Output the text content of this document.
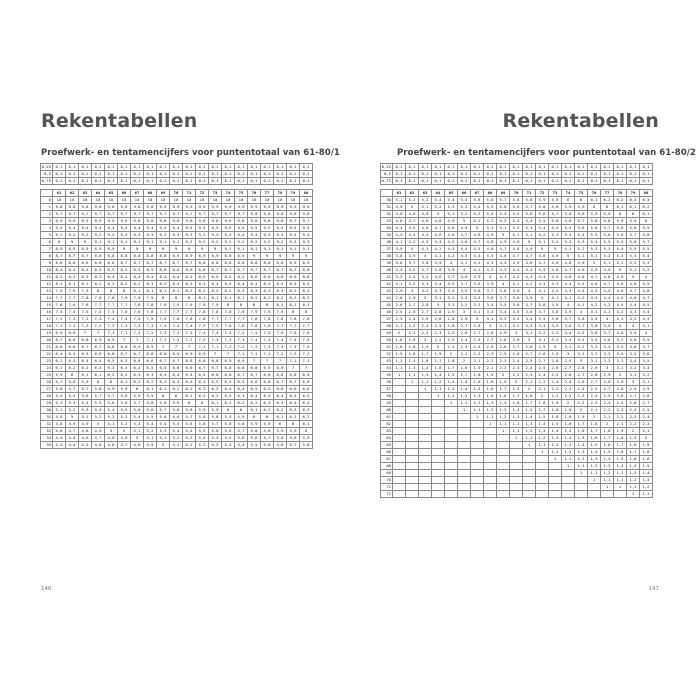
Rekentabellen
Proefwerk- en tentamencijfers voor puntentotaal van 61-80/1
0,25	0,1	0,1	0,1	0,1	0,1	0,1	0,1	0,1	0,1	0,1	0,1	0,1	0,1	0,1	0,1	0,1	0,1	0,1	0,1	0,1
0,5	0,1	0,1	0,1	0,1	0,1	0,1	0,1	0,1	0,1	0,1	0,1	0,1	0,1	0,1	0,1	0,1	0,1	0,1	0,1	0,1
0,75	0,1	0,1	0,1	0,1	0,1	0,1	0,1	0,1	0,1	0,1	0,1	0,1	0,1	0,1	0,1	0,1	0,1	0,1	0,1	0,1

	61	62	63	64	65	66	67	68	69	70	71	72	73	74	75	76	77	78	79	80
0	10	10	10	10	10	10	10	10	10	10	10	10	10	10	10	10	10	10	10	10
1	9,8	9,8	9,8	9,8	9,8	9,8	9,8	9,8	9,9	9,9	9,9	9,9	9,9	9,9	9,9	9,9	9,9	9,9	9,9	9,9
2	9,7	9,7	9,7	9,7	9,7	9,7	9,7	9,7	9,7	9,7	9,7	9,7	9,7	9,7	9,7	9,8	9,8	9,8	9,8	9,8
3	9,5	9,5	9,5	9,5	9,5	9,5	9,6	9,6	9,6	9,6	9,6	9,6	9,6	9,6	9,6	9,6	9,6	9,6	9,7	9,7
4	9,4	9,4	9,4	9,4	9,4	9,4	9,4	9,4	9,4	9,4	9,5	9,5	9,5	9,5	9,5	9,5	9,5	9,5	9,5	9,5
5	9,2	9,2	9,2	9,2	9,2	9,3	9,3	9,3	9,3	9,3	9,3	9,3	9,3	9,3	9,4	9,4	9,4	9,4	9,4	9,4
6	9	9	9	9,1	9,1	9,1	9,1	9,1	9,1	9,1	9,2	9,2	9,2	9,2	9,2	9,2	9,2	9,2	9,3	9,3
7	8,9	8,9	8,9	8,9	8,9	9	9	9	9	9	9	9	9	9,1	9,1	9,1	9,1	9,1	9,1	9,1
8	8,7	8,7	8,7	8,8	8,8	8,8	8,8	8,8	8,8	8,9	8,9	8,9	8,9	8,9	8,9	9	9	9	9	9
9	8,6	8,6	8,6	8,6	8,6	8,7	8,7	8,7	8,7	8,7	8,7	8,8	8,8	8,8	8,8	8,8	8,8	8,8	8,9	8,9
10	8,4	8,4	8,4	8,5	8,5	8,5	8,5	8,5	8,6	8,6	8,6	8,6	8,7	8,7	8,7	8,7	8,7	8,7	8,7	8,8
11	8,2	8,3	8,3	8,3	8,4	8,4	8,4	8,4	8,4	8,4	8,5	8,5	8,5	8,5	8,5	8,6	8,6	8,6	8,6	8,6
12	8,1	8,1	8,1	8,2	8,2	8,2	8,2	8,3	8,3	8,3	8,3	8,3	8,4	8,4	8,4	8,4	8,4	8,5	8,5	8,5
13	7,9	7,9	7,9	8	8	8	8,1	8,1	8,1	8,1	8,2	8,2	8,2	8,2	8,3	8,3	8,3	8,3	8,3	8,4
14	7,7	7,7	7,8	7,8	7,8	7,9	7,9	7,9	8	8	8	8,1	8,1	8,1	8,1	8,2	8,2	8,2	8,2	8,2
15	7,6	7,6	7,6	7,7	7,7	7,7	7,8	7,8	7,8	7,9	7,9	7,9	7,9	8	8	8	8	8,1	8,1	8,1
16	7,4	7,5	7,5	7,5	7,5	7,6	7,6	7,6	7,7	7,7	7,7	7,8	7,8	7,8	7,9	7,9	7,9	7,9	8	8
17	7,2	7,3	7,3	7,3	7,4	7,4	7,5	7,5	7,5	7,6	7,6	7,6	7,7	7,7	7,7	7,8	7,8	7,8	7,8	7,8
18	7,1	7,1	7,2	7,2	7,2	7,3	7,3	7,3	7,4	7,4	7,4	7,5	7,5	7,6	7,6	7,6	7,6	7,7	7,7	7,7
19	6,9	6,9	7	7	7,1	7,1	7,2	7,2	7,3	7,3	7,3	7,4	7,4	7,4	7,5	7,5	7,5	7,5	7,6	7,6
20	6,7	6,8	6,8	6,9	6,9	7	7	7,1	7,1	7,2	7,2	7,2	7,3	7,3	7,3	7,4	7,4	7,4	7,4	7,5
21	6,6	6,6	6,7	6,7	6,8	6,8	6,9	6,9	7	7	7	7,1	7,1	7,2	7,2	7,2	7,3	7,3	7,3	7,3
22	6,4	6,5	6,5	6,6	6,6	6,7	6,7	6,8	6,8	6,9	6,9	6,9	7	7	7,1	7,1	7,1	7,2	7,2	7,2
23	6,2	6,3	6,4	6,4	6,5	6,5	6,6	6,6	6,7	6,7	6,8	6,8	6,8	6,9	6,9	7	7	7	7,1	7,1
24	6,1	6,2	6,2	6,3	6,3	6,4	6,4	6,5	6,5	6,6	6,6	6,7	6,7	6,8	6,8	6,8	6,9	6,9	7	7
25	5,9	6	6,1	6,1	6,2	6,2	6,3	6,3	6,4	6,4	6,5	6,5	6,6	6,6	6,7	6,7	6,8	6,8	6,8	6,9
26	5,7	5,8	5,9	6	6	6,1	6,2	6,2	6,3	6,3	6,4	6,4	6,5	6,5	6,5	6,6	6,6	6,7	6,7	6,8
27	5,6	5,7	5,7	5,8	5,9	5,9	6	6,1	6,1	6,2	6,2	6,3	6,3	6,4	6,4	6,5	6,5	6,6	6,6	6,6
28	5,4	5,5	5,6	5,7	5,7	5,8	5,9	5,9	6	6	6,1	6,2	6,2	6,3	6,3	6,4	6,4	6,4	6,5	6,5
29	5,3	5,3	5,4	5,5	5,6	5,6	5,7	5,8	5,8	5,9	6	6	6,1	6,1	6,2	6,2	6,3	6,3	6,4	6,4
30	5,1	5,2	5,3	5,4	5,4	5,5	5,6	5,6	5,7	5,8	5,8	5,9	5,9	6	6	6,1	6,2	6,2	6,3	6,3
31	4,9	5	5,1	5,2	5,3	5,3	5,4	5,5	5,6	5,6	5,7	5,8	5,8	5,9	5,9	6	6	6,1	6,1	6,2
32	4,8	4,9	4,9	5	5,1	5,2	5,3	5,4	5,4	5,5	5,6	5,6	5,7	5,8	5,8	5,9	5,9	6	6	6,1
33	4,6	4,7	4,8	4,9	5	5	5,1	5,2	5,3	5,4	5,4	5,5	5,6	5,6	5,7	5,8	5,8	5,9	5,9	6
34	4,4	4,5	4,6	4,7	4,8	4,9	5	5,1	5,1	5,2	5,3	5,4	5,4	5,5	5,6	5,6	5,7	5,8	5,8	5,9
35	4,3	4,4	4,5	4,6	4,6	4,7	4,8	4,9	5	5,1	5,1	5,2	5,3	5,4	5,4	5,5	5,6	5,6	5,7	5,8
146
Rekentabellen
Proefwerk- en tentamencijfers voor puntentotaal van 61-80/2
0,25	0,1	0,1	0,1	0,1	0,1	0,1	0,1	0,1	0,1	0,1	0,1	0,1	0,1	0,1	0,1	0,1	0,1	0,1	0,1	0,1
0,5	0,1	0,1	0,1	0,1	0,1	0,1	0,1	0,1	0,1	0,1	0,1	0,1	0,1	0,1	0,1	0,1	0,1	0,1	0,1	0,1
0,75	0,1	0,1	0,1	0,1	0,1	0,1	0,1	0,1	0,1	0,1	0,1	0,1	0,1	0,1	0,1	0,1	0,1	0,1	0,1	0,1

	61	62	63	64	65	66	67	68	69	70	71	72	73	74	75	76	77	78	79	80
30	5,1	5,2	5,3	5,4	5,4	5,5	5,6	5,6	5,7	5,8	5,8	5,9	5,9	6	6	6,1	6,2	6,2	6,3	6,3
31	4,9	5	5,1	5,2	5,3	5,3	5,4	5,5	5,6	5,6	5,7	5,8	5,8	5,9	5,9	6	6	6,1	6,1	6,2
32	4,8	4,8	4,9	5	5,1	5,2	5,3	5,4	5,4	5,5	5,6	5,6	5,7	5,8	5,8	5,9	5,9	6	6	6,1
33	4,6	4,7	4,8	4,8	4,9	5	5,1	5,2	5,3	5,4	5,4	5,5	5,6	5,6	5,7	5,8	5,8	5,9	5,9	6
34	4,4	4,5	4,6	4,7	4,8	4,9	5	5,1	5,1	5,2	5,3	5,4	5,4	5,5	5,6	5,6	5,7	5,8	5,8	5,9
35	4,3	4,4	4,5	4,6	4,6	4,7	4,8	4,9	5	5,1	5,1	5,2	5,3	5,4	5,4	5,5	5,6	5,6	5,7	5,8
36	4,1	4,2	4,3	4,4	4,5	4,6	4,7	4,8	4,9	4,9	5	5,1	5,2	5,3	5,3	5,4	5,5	5,5	5,6	5,7
37	3,9	4	4,1	4,2	4,3	4,4	4,5	4,6	4,7	4,8	4,9	5	5	5,1	5,2	5,3	5,3	5,4	5,5	5,5
38	3,8	3,9	4	4,1	4,2	4,3	4,4	4,5	4,6	4,7	4,7	4,8	4,9	5	5,1	5,1	5,2	5,3	5,3	5,4
39	3,6	3,7	3,8	3,9	4	4,1	4,2	4,3	4,4	4,5	4,6	4,7	4,8	4,8	4,9	5	5,1	5,1	5,2	5,3
40	3,4	3,5	3,7	3,8	3,9	4	4,1	4,2	4,3	4,4	4,4	4,5	4,6	4,7	4,8	4,9	4,9	5	5,1	5,2
41	3,3	3,4	3,5	3,6	3,7	3,8	3,9	4	4,1	4,2	4,3	4,4	4,5	4,6	4,6	4,7	4,8	4,9	5	5
42	3,1	3,2	3,3	3,4	3,5	3,7	3,8	3,9	4	4,1	4,2	4,3	4,3	4,4	4,5	4,6	4,7	4,8	4,8	4,9
43	2,9	3	3,2	3,3	3,4	3,5	3,6	3,7	3,8	3,9	4	4,1	4,2	4,3	4,4	4,5	4,5	4,6	4,7	4,8
44	2,8	2,9	3	3,1	3,2	3,3	3,4	3,6	3,7	3,8	3,9	4	4,1	4,1	4,2	4,3	4,4	4,5	4,6	4,7
45	2,6	2,7	2,8	3	3,1	3,2	3,3	3,4	3,5	3,6	3,7	3,8	3,9	4	4,1	4,2	4,3	4,4	4,4	4,5
46	2,5	2,6	2,7	2,8	2,9	3	3,1	3,3	3,4	3,5	3,6	3,7	3,8	3,9	4	4,1	4,1	4,2	4,3	4,4
47	2,3	2,4	2,5	2,6	2,8	2,9	3	3,1	3,2	3,3	3,4	3,5	3,6	3,7	3,8	3,9	4	4,1	4,2	4,3
48	2,1	2,2	2,4	2,5	2,6	2,7	2,8	3	3,1	3,2	3,3	3,4	3,5	3,6	3,7	3,8	3,9	4	4	4,1
49	2	2,1	2,2	2,3	2,5	2,6	2,7	2,8	2,9	3	3,1	3,2	3,3	3,4	3,5	3,6	3,7	3,8	3,9	4
50	1,8	1,9	2	2,2	2,3	2,4	2,5	2,7	2,8	2,9	3	3,1	3,2	3,3	3,4	3,5	3,6	3,7	3,8	3,9
51	1,6	1,8	1,9	2	2,1	2,3	2,4	2,5	2,6	2,7	2,8	2,9	3	3,1	3,2	3,3	3,4	3,5	3,6	3,7
52	1,5	1,6	1,7	1,9	2	2,1	2,2	2,3	2,5	2,6	2,7	2,8	2,9	3	3,1	3,2	3,3	3,4	3,5	3,6
53	1,3	1,4	1,6	1,7	1,8	2	2,1	2,2	2,3	2,4	2,5	2,7	2,8	2,9	3	3,1	3,2	3,3	3,4	3,5
54	1,1	1,3	1,4	1,6	1,7	1,8	1,9	2,1	2,2	2,3	2,4	2,5	2,6	2,7	2,8	2,9	3	3,1	3,2	3,3
55	1	1,1	1,3	1,4	1,5	1,7	1,8	1,9	2	2,2	2,3	2,4	2,5	2,6	2,7	2,8	2,9	3	3,1	3,2
56		1	1,1	1,2	1,4	1,5	1,6	1,8	1,9	2	2,1	2,2	2,4	2,5	2,6	2,7	2,8	2,9	3	3,1
57			1	1,1	1,2	1,4	1,5	1,6	1,7	1,9	2	2,1	2,2	2,3	2,4	2,5	2,7	2,8	2,9	2,9
58				1	1,1	1,2	1,3	1,5	1,6	1,7	1,8	2	2,1	2,2	2,3	2,4	2,5	2,6	2,7	2,8
59					1	1,1	1,2	1,3	1,4	1,6	1,7	1,8	1,9	2	2,2	2,3	2,4	2,5	2,6	2,7
60						1	1,1	1,2	1,3	1,4	1,5	1,7	1,8	1,9	2	2,1	2,2	2,3	2,4	2,5
61							1	1,1	1,2	1,3	1,4	1,5	1,6	1,8	1,9	2	2,1	2,2	2,3	2,4
62								1	1,1	1,2	1,3	1,4	1,5	1,6	1,7	1,8	2	2,1	2,2	2,3
63									1	1,1	1,2	1,3	1,4	1,5	1,6	1,7	1,8	1,9	2	2,1
64										1	1,1	1,2	1,3	1,4	1,5	1,6	1,7	1,8	1,9	2
65											1	1,1	1,2	1,3	1,4	1,5	1,6	1,7	1,8	1,9
66												1	1,1	1,2	1,3	1,4	1,5	1,6	1,7	1,8
67													1	1,1	1,2	1,3	1,4	1,5	1,6	1,6
68														1	1,1	1,2	1,3	1,4	1,4	1,5
69															1	1,1	1,2	1,2	1,3	1,4
70																1	1,1	1,1	1,2	1,3
71																	1	1	1,1	1,2
72																			1	1,1
147
